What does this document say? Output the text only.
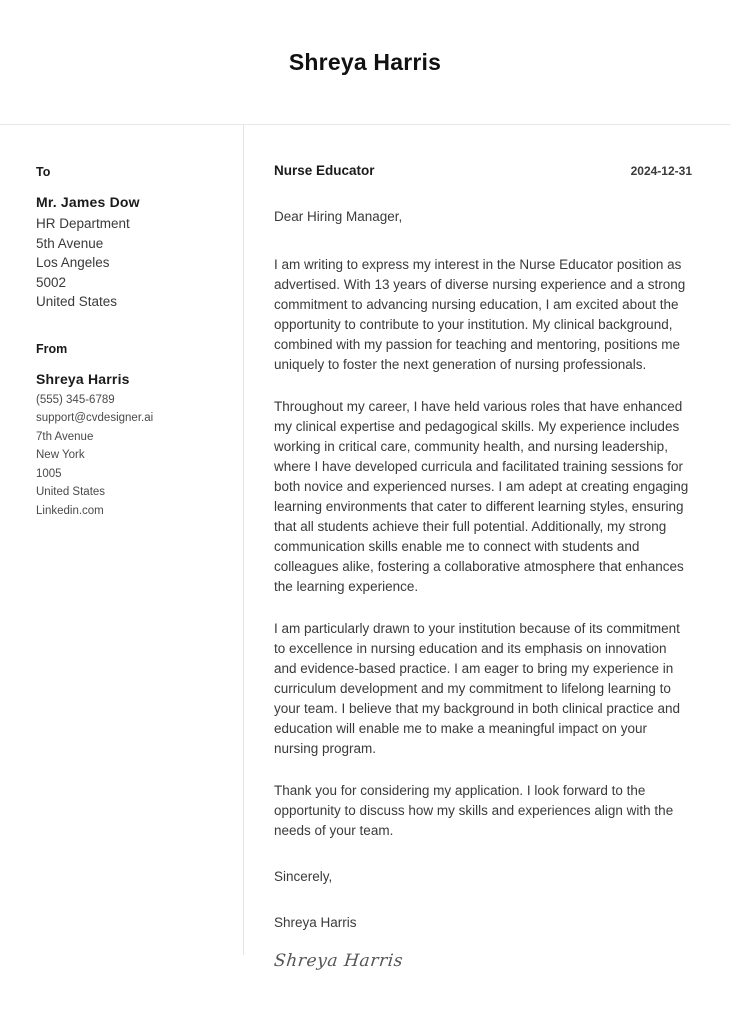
Shreya Harris
To
Mr. James Dow
HR Department
5th Avenue
Los Angeles
5002
United States
From
Shreya Harris
(555) 345-6789
support@cvdesigner.ai
7th Avenue
New York
1005
United States
Linkedin.com
Nurse Educator	2024-12-31
Dear Hiring Manager,

I am writing to express my interest in the Nurse Educator position as advertised. With 13 years of diverse nursing experience and a strong commitment to advancing nursing education, I am excited about the opportunity to contribute to your institution. My clinical background, combined with my passion for teaching and mentoring, positions me uniquely to foster the next generation of nursing professionals.

Throughout my career, I have held various roles that have enhanced my clinical expertise and pedagogical skills. My experience includes working in critical care, community health, and nursing leadership, where I have developed curricula and facilitated training sessions for both novice and experienced nurses. I am adept at creating engaging learning environments that cater to different learning styles, ensuring that all students achieve their full potential. Additionally, my strong communication skills enable me to connect with students and colleagues alike, fostering a collaborative atmosphere that enhances the learning experience.

I am particularly drawn to your institution because of its commitment to excellence in nursing education and its emphasis on innovation and evidence-based practice. I am eager to bring my experience in curriculum development and my commitment to lifelong learning to your team. I believe that my background in both clinical practice and education will enable me to make a meaningful impact on your nursing program.

Thank you for considering my application. I look forward to the opportunity to discuss how my skills and experiences align with the needs of your team.

Sincerely,
Shreya Harris
Shreya Harris
